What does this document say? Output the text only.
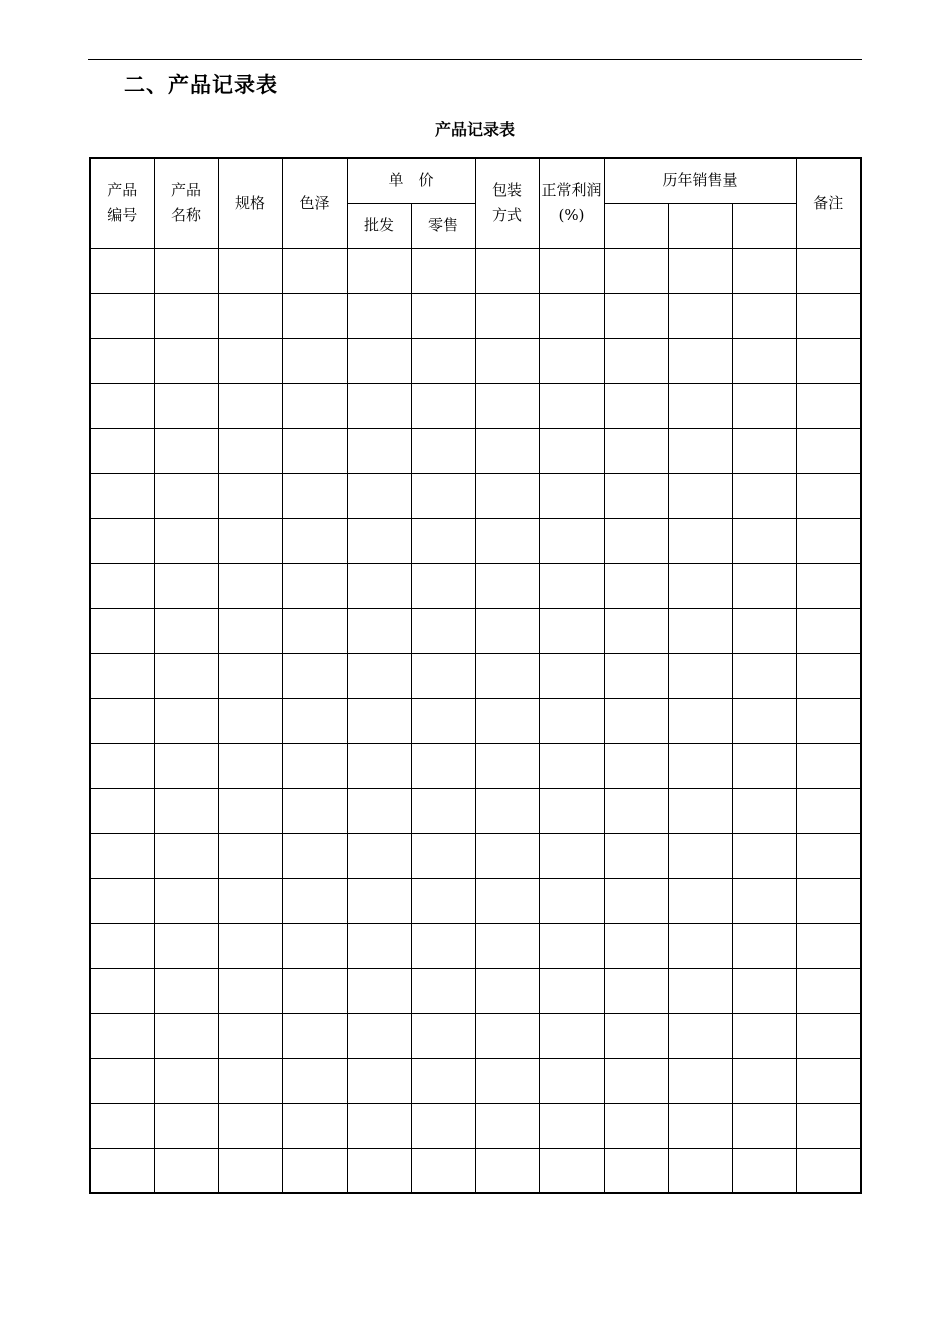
二、产品记录表
产品记录表
产品编号	产品名称	规格	色泽	单　价		包装方式	正常利润(%)	历年销售量			备注
				批发	零售						
